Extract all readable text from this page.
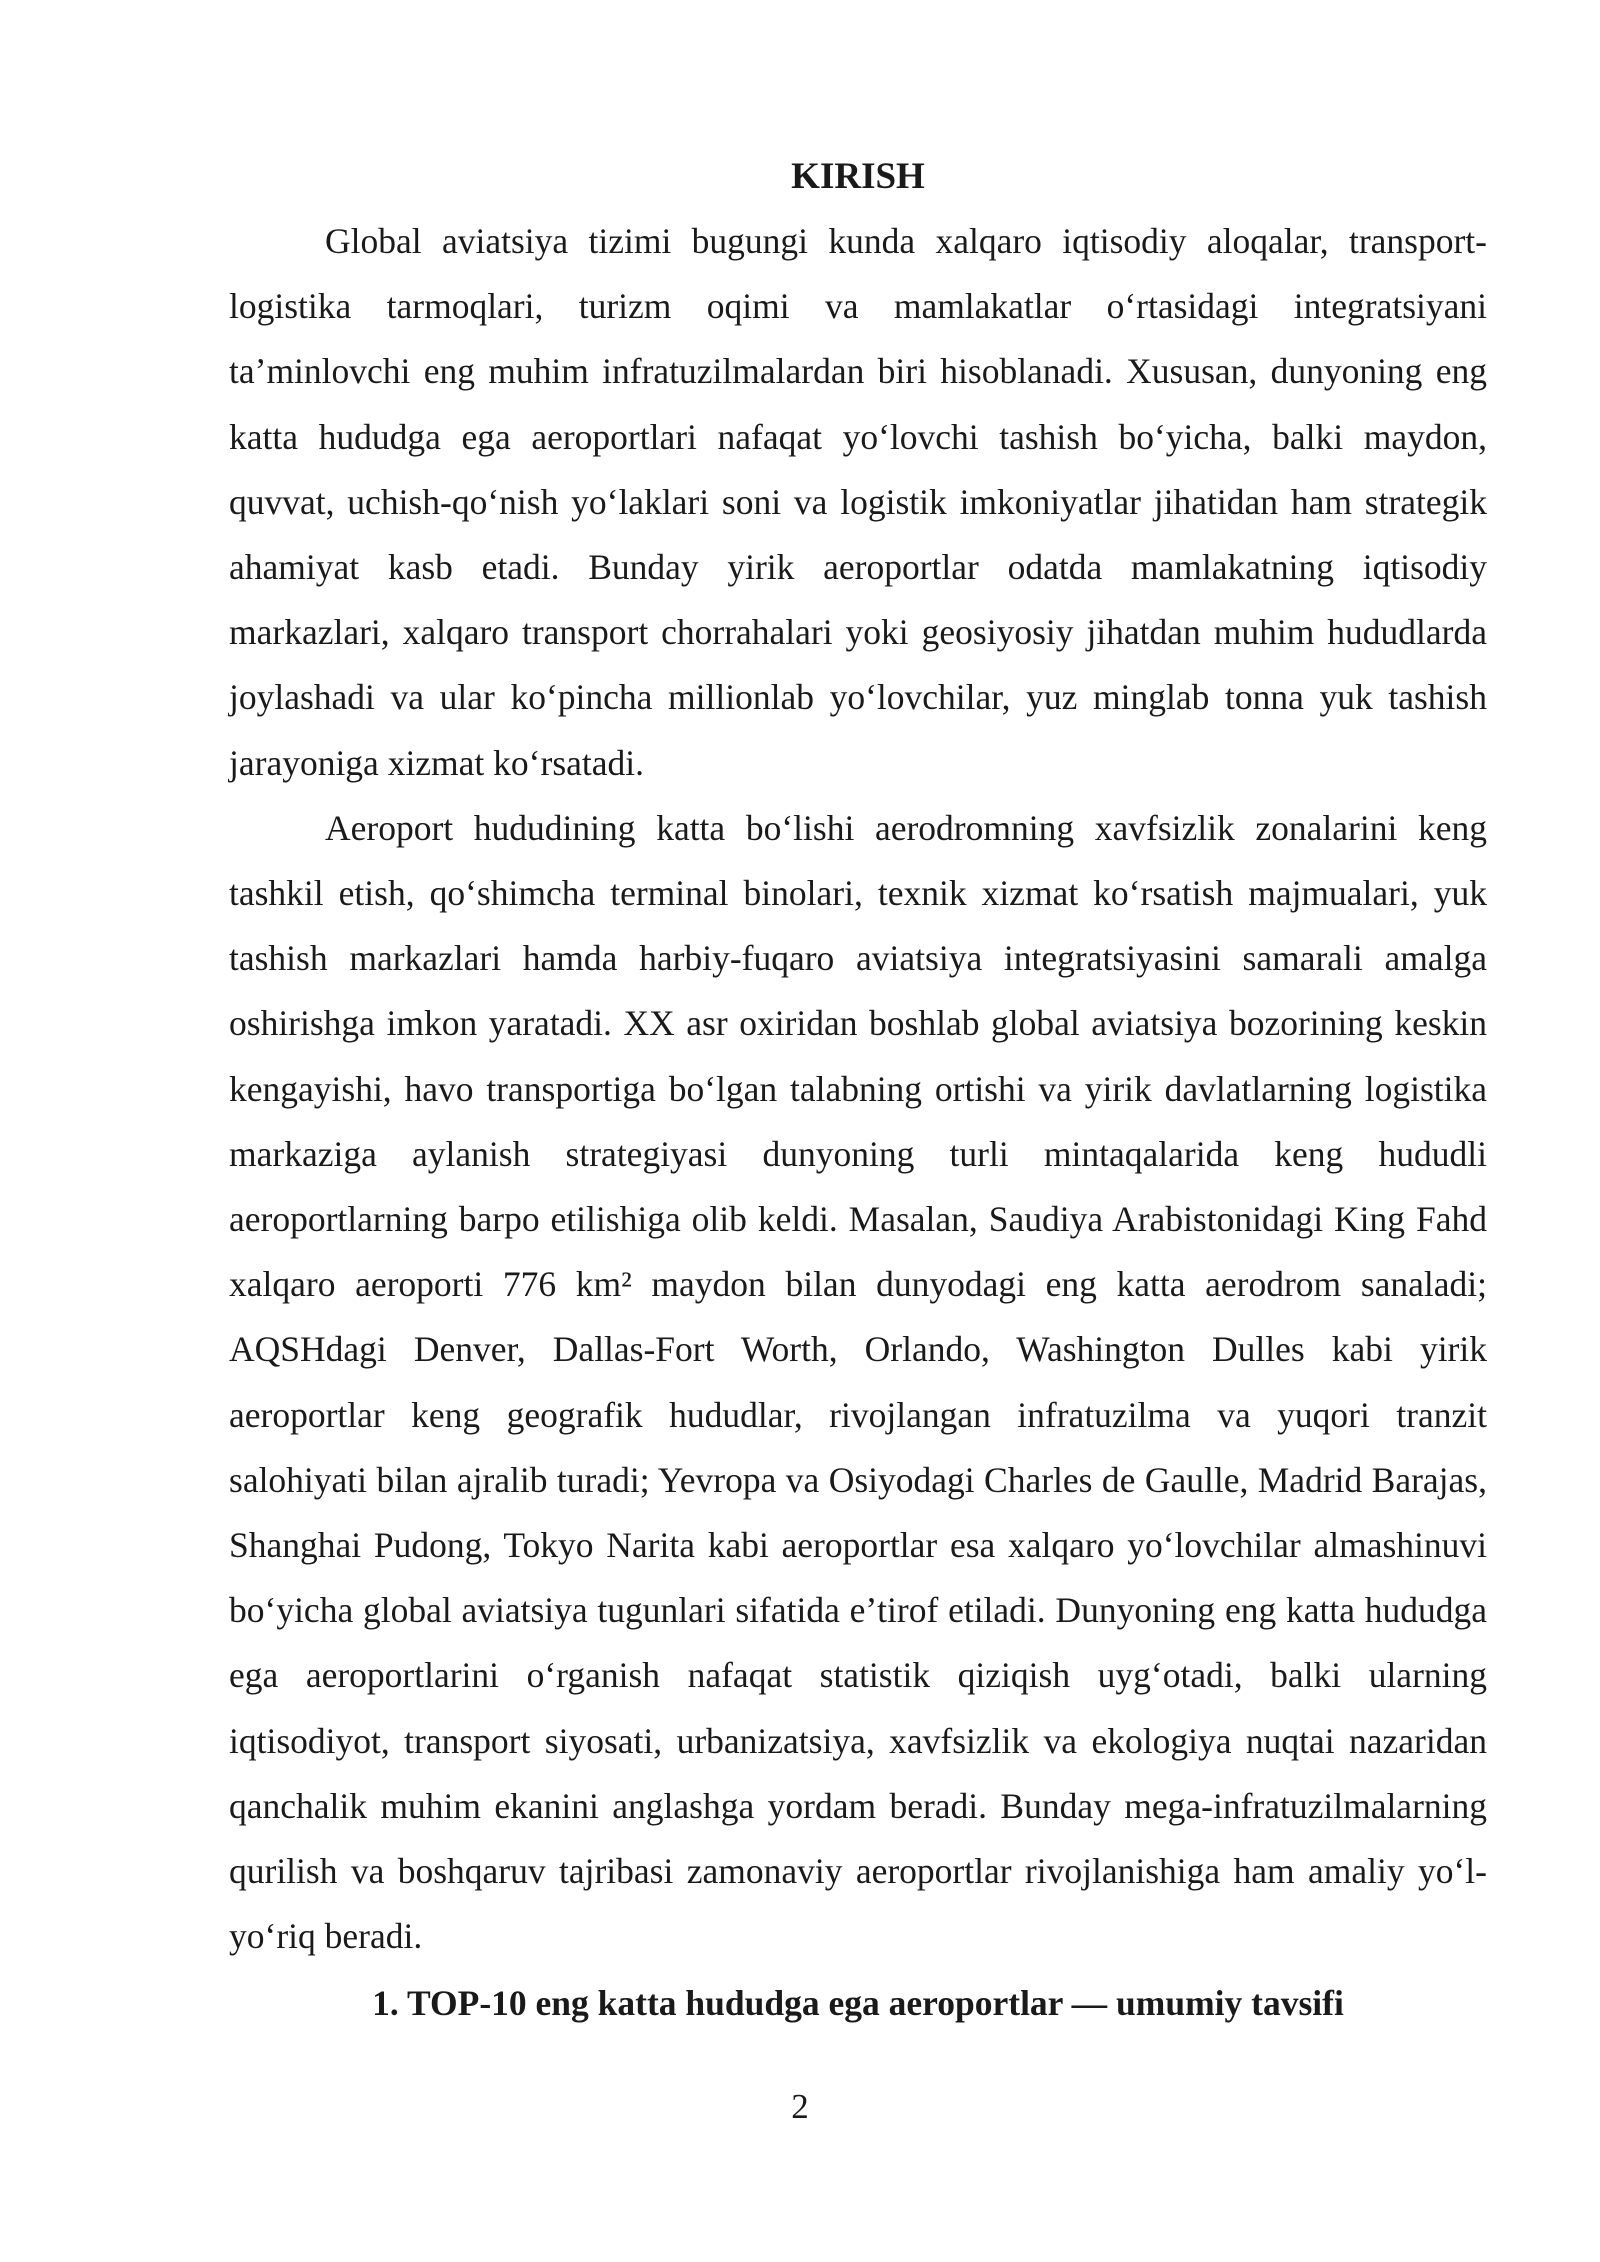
KIRISH

Global aviatsiya tizimi bugungi kunda xalqaro iqtisodiy aloqalar, transport-logistika tarmoqlari, turizm oqimi va mamlakatlar oʻrtasidagi integratsiyani taʼminlovchi eng muhim infratuzilmalardan biri hisoblanadi. Xususan, dunyoning eng katta hududga ega aeroportlari nafaqat yoʻlovchi tashish boʻyicha, balki maydon, quvvat, uchish-qoʻnish yoʻlaklari soni va logistik imkoniyatlar jihatidan ham strategik ahamiyat kasb etadi. Bunday yirik aeroportlar odatda mamlakatning iqtisodiy markazlari, xalqaro transport chorrahalari yoki geosiyosiy jihatdan muhim hududlarda joylashadi va ular koʻpincha millionlab yoʻlovchilar, yuz minglab tonna yuk tashish jarayoniga xizmat koʻrsatadi.

Aeroport hududining katta boʻlishi aerodromning xavfsizlik zonalarini keng tashkil etish, qoʻshimcha terminal binolari, texnik xizmat koʻrsatish majmualari, yuk tashish markazlari hamda harbiy-fuqaro aviatsiya integratsiyasini samarali amalga oshirishga imkon yaratadi. XX asr oxiridan boshlab global aviatsiya bozorining keskin kengayishi, havo transportiga boʻlgan talabning ortishi va yirik davlatlarning logistika markaziga aylanish strategiyasi dunyoning turli mintaqalarida keng hududli aeroportlarning barpo etilishiga olib keldi. Masalan, Saudiya Arabistonidagi King Fahd xalqaro aeroporti 776 km² maydon bilan dunyodagi eng katta aerodrom sanaladi; AQSHdagi Denver, Dallas-Fort Worth, Orlando, Washington Dulles kabi yirik aeroportlar keng geografik hududlar, rivojlangan infratuzilma va yuqori tranzit salohiyati bilan ajralib turadi; Yevropa va Osiyodagi Charles de Gaulle, Madrid Barajas, Shanghai Pudong, Tokyo Narita kabi aeroportlar esa xalqaro yoʻlovchilar almashinuvi boʻyicha global aviatsiya tugunlari sifatida eʼtirof etiladi. Dunyoning eng katta hududga ega aeroportlarini oʻrganish nafaqat statistik qiziqish uygʻotadi, balki ularning iqtisodiyot, transport siyosati, urbanizatsiya, xavfsizlik va ekologiya nuqtai nazaridan qanchalik muhim ekanini anglashga yordam beradi. Bunday mega-infratuzilmalarning qurilish va boshqaruv tajribasi zamonaviy aeroportlar rivojlanishiga ham amaliy yoʻl-yoʻriq beradi.

1. TOP-10 eng katta hududga ega aeroportlar — umumiy tavsifi
2
